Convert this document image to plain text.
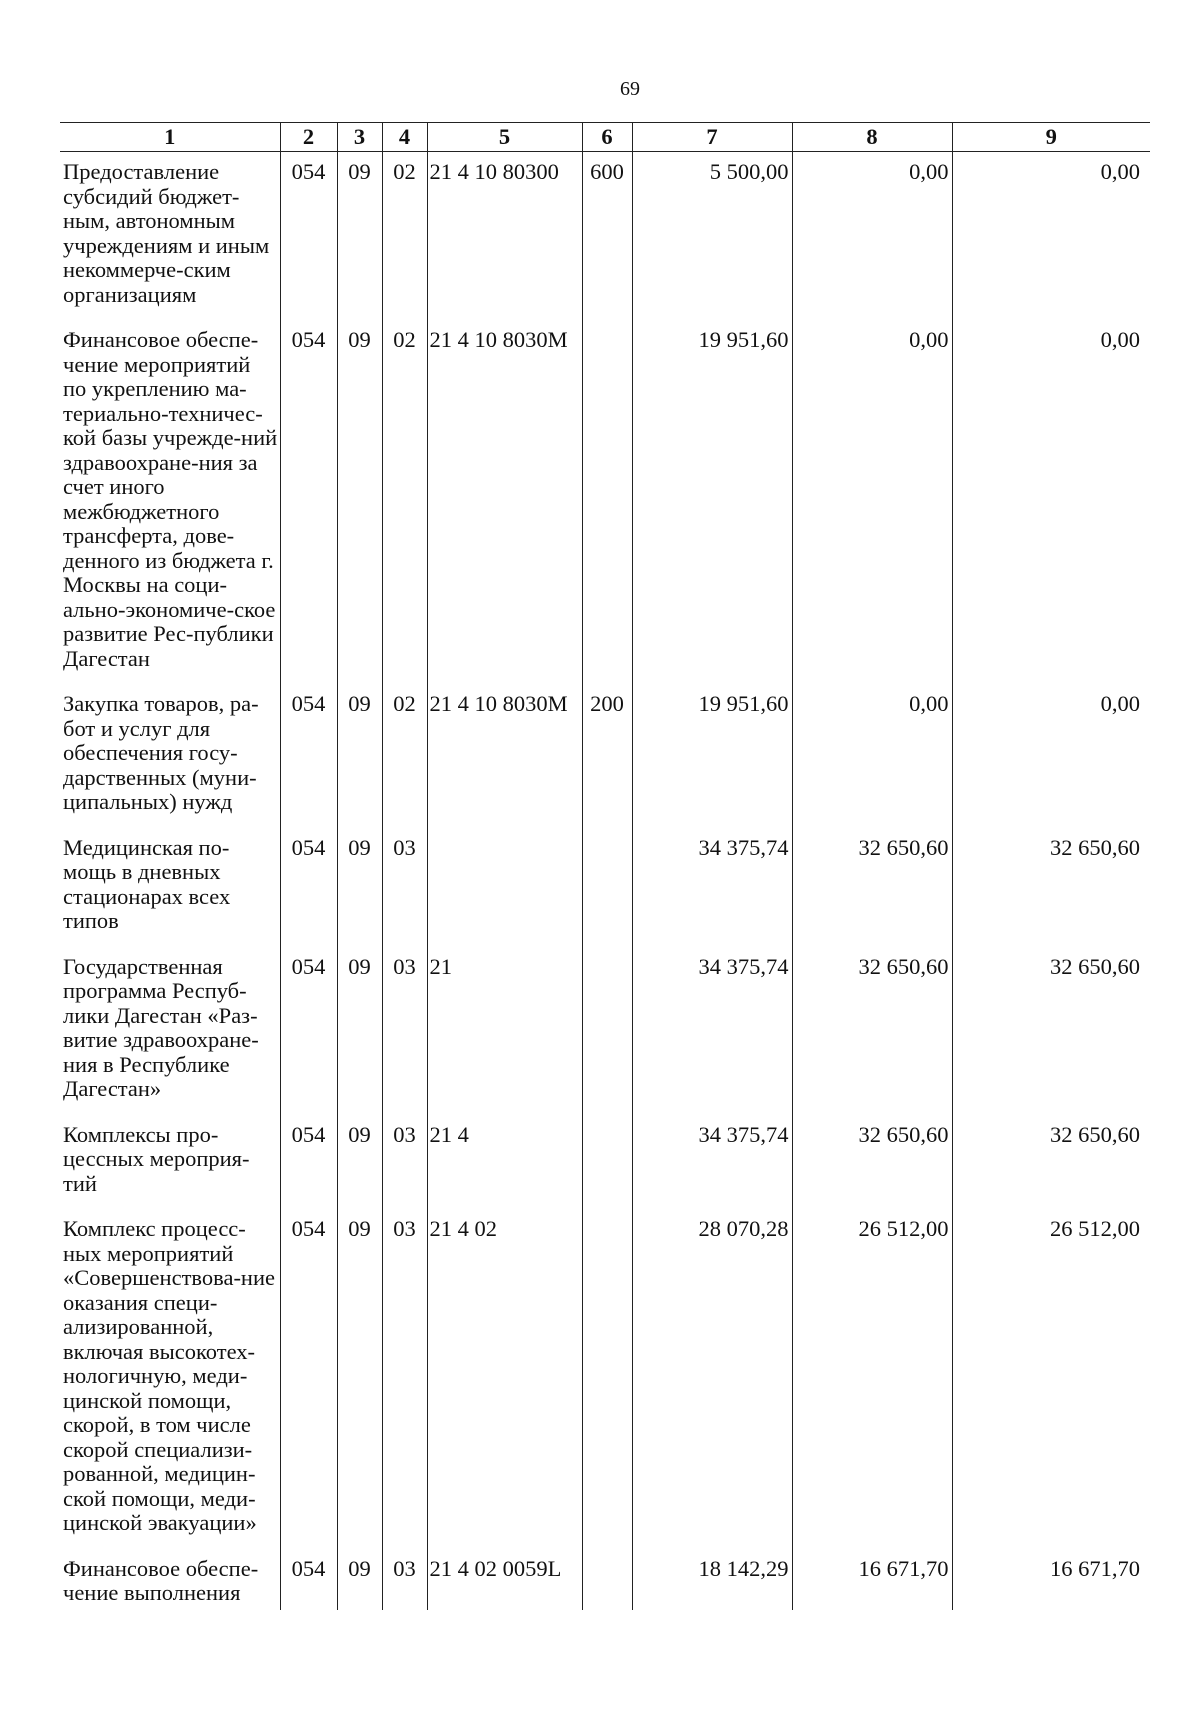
69
1	2	3	4	5	6	7	8	9
Предоставление субсидий бюджет-ным, автономным учреждениям и иным некоммерче-ским организациям	054	09	02	21 4 10 80300	600	5 500,00	0,00	0,00
Финансовое обеспе-чение мероприятий по укреплению ма-териально-техничес-кой базы учрежде-ний здравоохране-ния за счет иного межбюджетного трансферта, дове-денного из бюджета г. Москвы на соци-ально-экономиче-ское развитие Рес-публики Дагестан	054	09	02	21 4 10 8030M		19 951,60	0,00	0,00
Закупка товаров, ра-бот и услуг для обеспечения госу-дарственных (муни-ципальных) нужд	054	09	02	21 4 10 8030M	200	19 951,60	0,00	0,00
Медицинская по-мощь в дневных стационарах всех типов	054	09	03			34 375,74	32 650,60	32 650,60
Государственная программа Респуб-лики Дагестан «Раз-витие здравоохране-ния в Республике Дагестан»	054	09	03	21		34 375,74	32 650,60	32 650,60
Комплексы про-цессных мероприя-тий	054	09	03	21 4		34 375,74	32 650,60	32 650,60
Комплекс процесс-ных мероприятий «Совершенствова-ние оказания специ-ализированной, включая высокотех-нологичную, меди-цинской помощи, скорой, в том числе скорой специализи-рованной, медицин-ской помощи, меди-цинской эвакуации»	054	09	03	21 4 02		28 070,28	26 512,00	26 512,00
Финансовое обеспе-чение выполнения	054	09	03	21 4 02 0059L		18 142,29	16 671,70	16 671,70
